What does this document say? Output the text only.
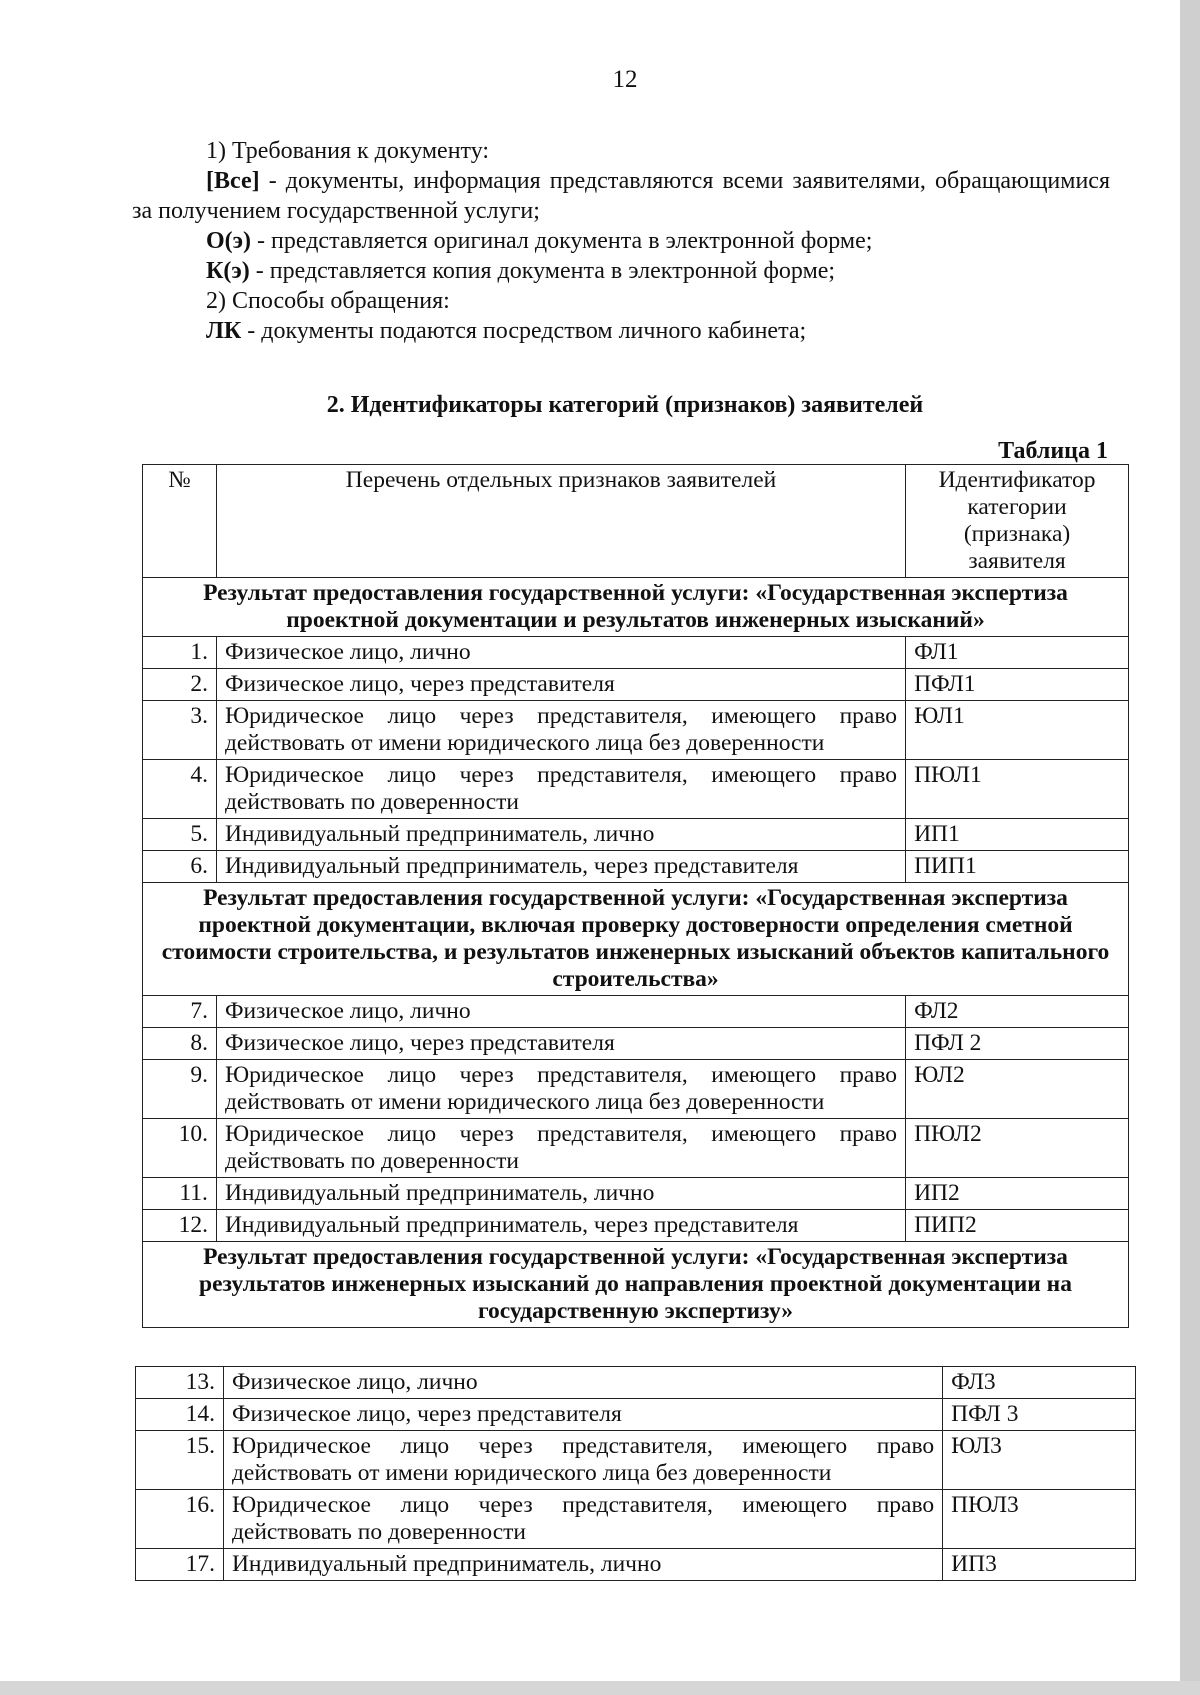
12

1) Требования к документу:

[Все] - документы, информация представляются всеми заявителями, обращающимися за получением государственной услуги;

О(э) - представляется оригинал документа в электронной форме;

К(э) - представляется копия документа в электронной форме;

2) Способы обращения:

ЛК - документы подаются посредством личного кабинета;

2. Идентификаторы категорий (признаков) заявителей
Таблица 1
№	Перечень отдельных признаков заявителей	Идентификатор категории (признака) заявителя
Результат предоставления государственной услуги: «Государственная экспертиза проектной документации и результатов инженерных изысканий»		
1.	Физическое лицо, лично	ФЛ1
2.	Физическое лицо, через представителя	ПФЛ1
3.	Юридическое лицо через представителя, имеющего право действовать от имени юридического лица без доверенности	ЮЛ1
4.	Юридическое лицо через представителя, имеющего право действовать по доверенности	ПЮЛ1
5.	Индивидуальный предприниматель, лично	ИП1
6.	Индивидуальный предприниматель, через представителя	ПИП1
Результат предоставления государственной услуги: «Государственная экспертиза проектной документации, включая проверку достоверности определения сметной стоимости строительства, и результатов инженерных изысканий объектов капитального строительства»		
7.	Физическое лицо, лично	ФЛ2
8.	Физическое лицо, через представителя	ПФЛ 2
9.	Юридическое лицо через представителя, имеющего право действовать от имени юридического лица без доверенности	ЮЛ2
10.	Юридическое лицо через представителя, имеющего право действовать по доверенности	ПЮЛ2
11.	Индивидуальный предприниматель, лично	ИП2
12.	Индивидуальный предприниматель, через представителя	ПИП2
Результат предоставления государственной услуги: «Государственная экспертиза результатов инженерных изысканий до направления проектной документации на государственную экспертизу»		
13.	Физическое лицо, лично	ФЛ3
14.	Физическое лицо, через представителя	ПФЛ 3
15.	Юридическое лицо через представителя, имеющего право действовать от имени юридического лица без доверенности	ЮЛ3
16.	Юридическое лицо через представителя, имеющего право действовать по доверенности	ПЮЛ3
17.	Индивидуальный предприниматель, лично	ИП3
